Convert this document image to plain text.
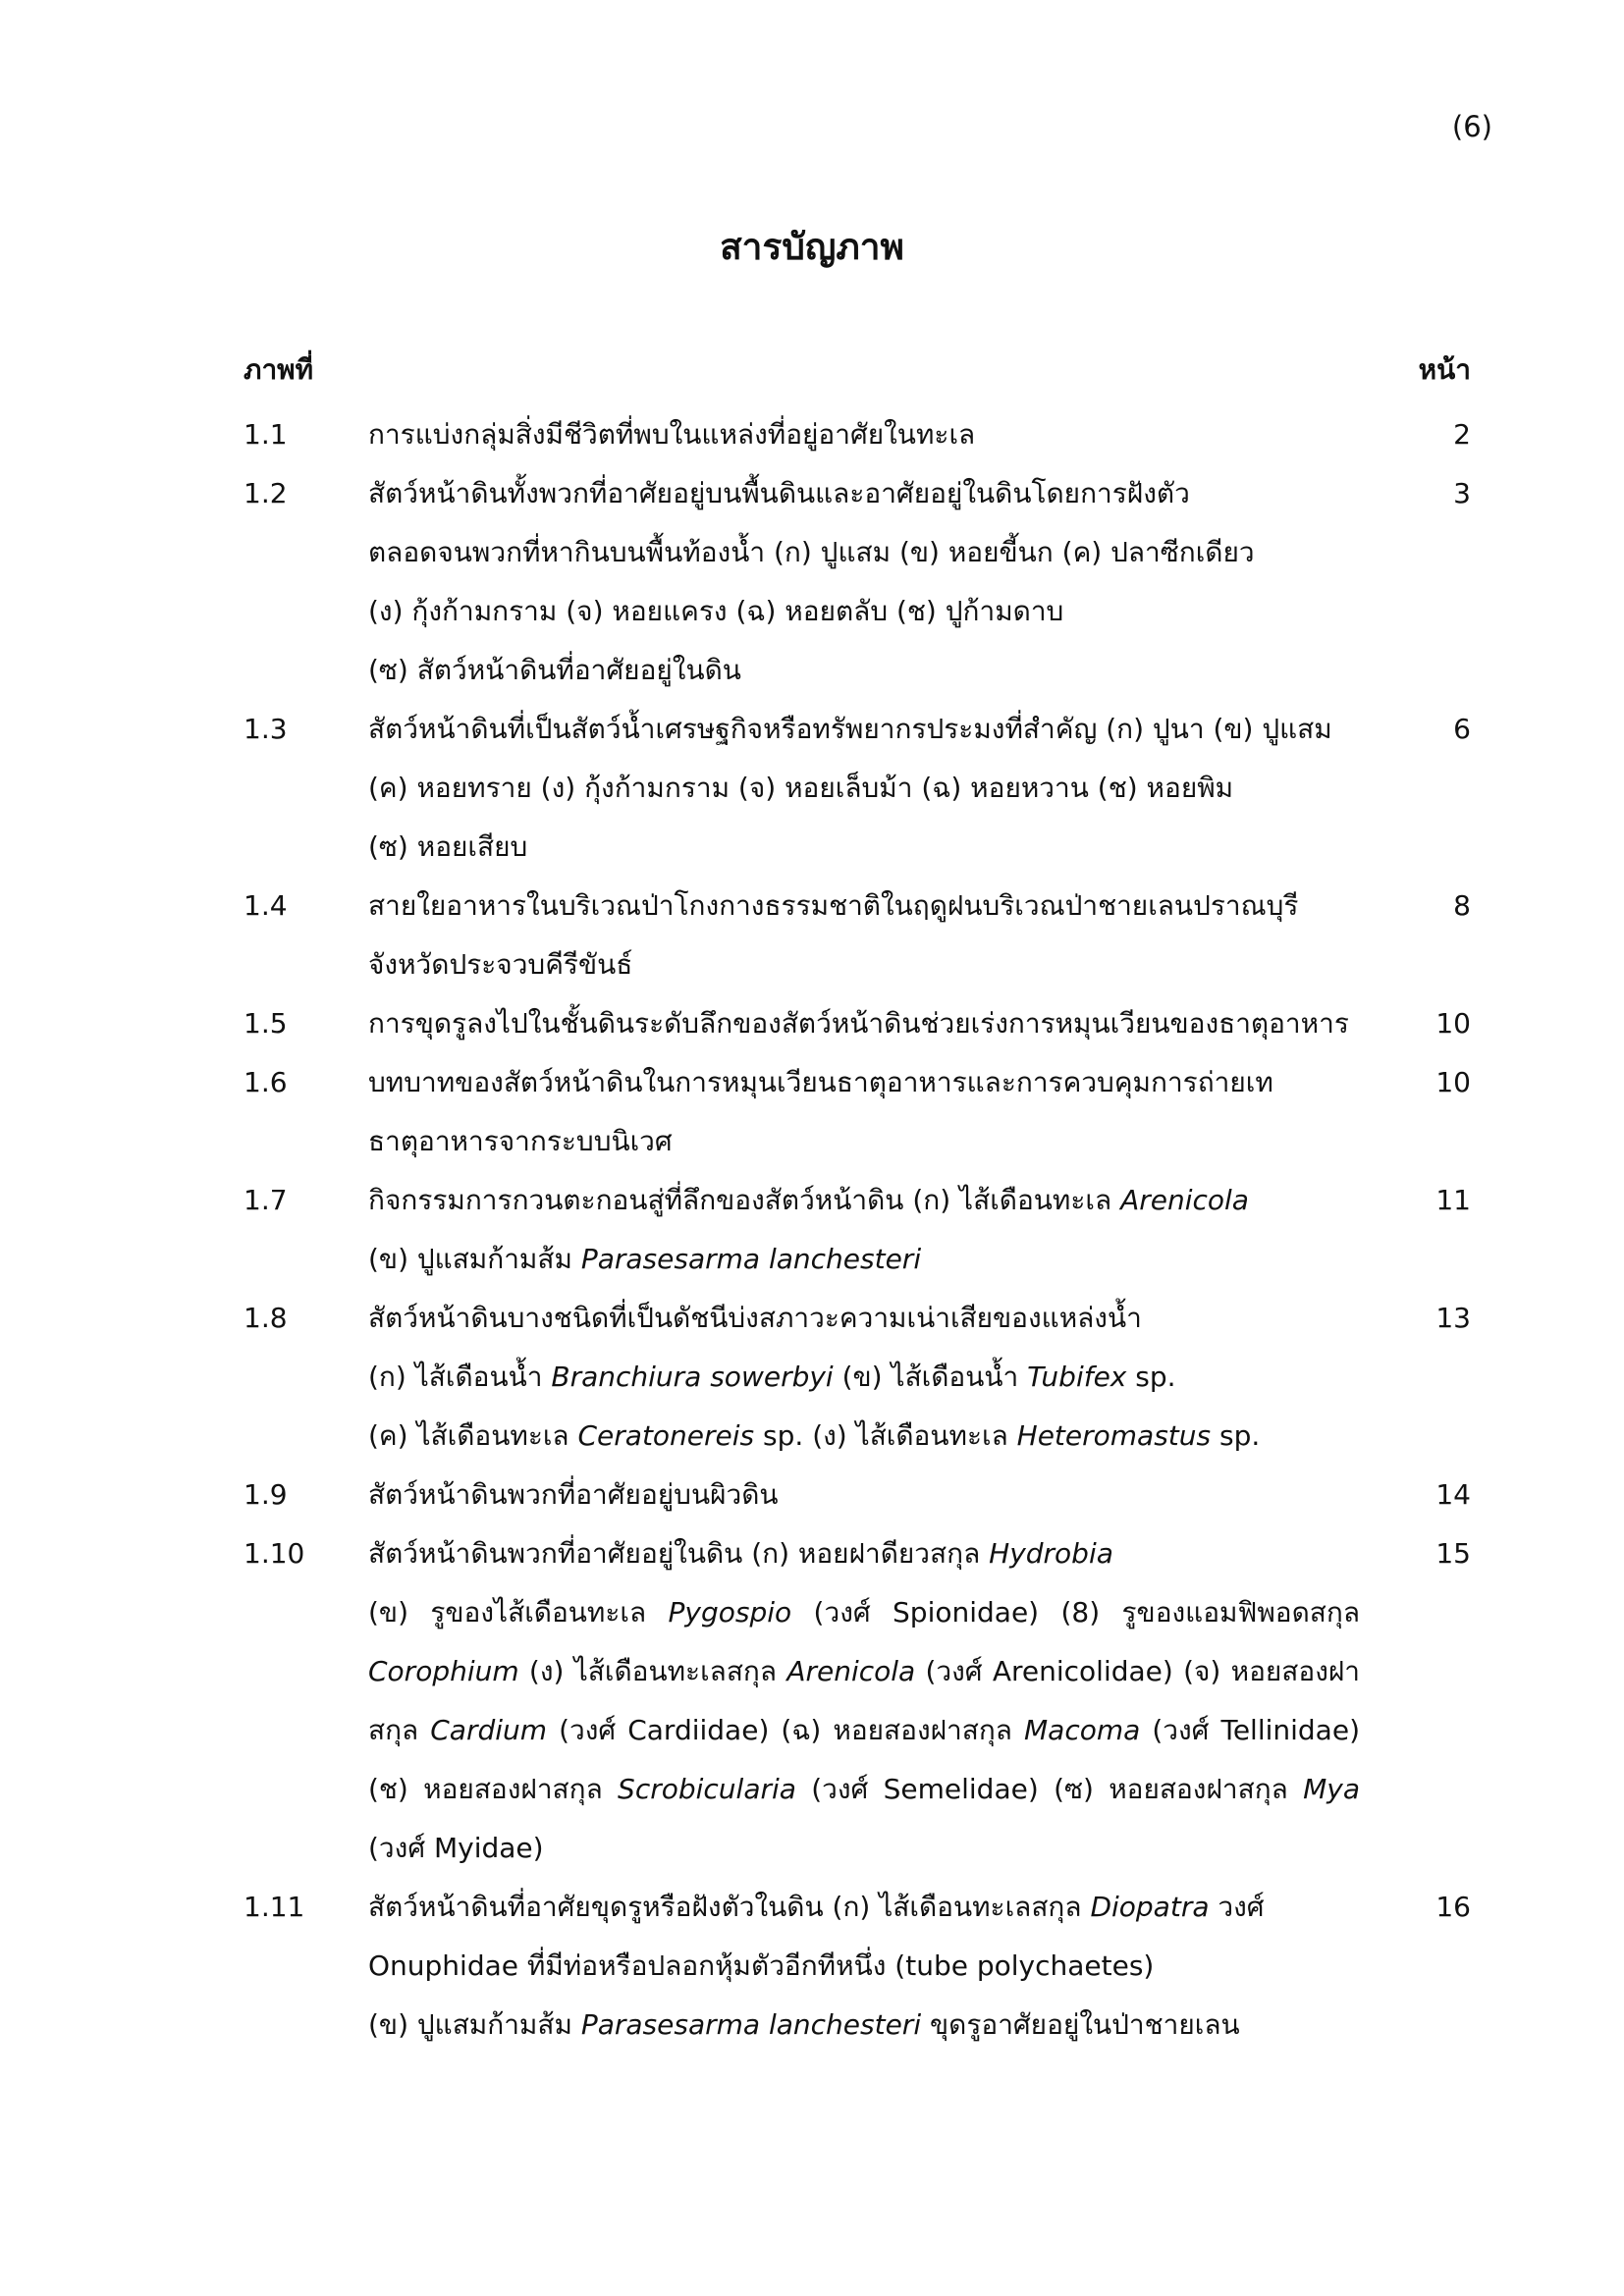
(6)
สารบัญภาพ
ภาพที่	หน้า
1.1	2
การแบ่งกลุ่มสิ่งมีชีวิตที่พบในแหล่งที่อยู่อาศัยในทะเล
1.2	3
สัตว์หน้าดินทั้งพวกที่อาศัยอยู่บนพื้นดินและอาศัยอยู่ในดินโดยการฝังตัว
ตลอดจนพวกที่หากินบนพื้นท้องน้ำ (ก) ปูแสม (ข) หอยขี้นก (ค) ปลาซีกเดียว
(ง) กุ้งก้ามกราม (จ) หอยแครง (ฉ) หอยตลับ (ช) ปูก้ามดาบ
(ซ) สัตว์หน้าดินที่อาศัยอยู่ในดิน
1.3	6
สัตว์หน้าดินที่เป็นสัตว์น้ำเศรษฐกิจหรือทรัพยากรประมงที่สำคัญ (ก) ปูนา (ข) ปูแสม
(ค) หอยทราย (ง) กุ้งก้ามกราม (จ) หอยเล็บม้า (ฉ) หอยหวาน (ช) หอยพิม
(ซ) หอยเสียบ
1.4	8
สายใยอาหารในบริเวณป่าโกงกางธรรมชาติในฤดูฝนบริเวณป่าชายเลนปราณบุรี
จังหวัดประจวบคีรีขันธ์
1.5	10
การขุดรูลงไปในชั้นดินระดับลึกของสัตว์หน้าดินช่วยเร่งการหมุนเวียนของธาตุอาหาร
1.6	10
บทบาทของสัตว์หน้าดินในการหมุนเวียนธาตุอาหารและการควบคุมการถ่ายเท
ธาตุอาหารจากระบบนิเวศ
1.7	11
กิจกรรมการกวนตะกอนสู่ที่ลึกของสัตว์หน้าดิน (ก) ไส้เดือนทะเล Arenicola
(ข) ปูแสมก้ามส้ม Parasesarma lanchesteri
1.8	13
สัตว์หน้าดินบางชนิดที่เป็นดัชนีบ่งสภาวะความเน่าเสียของแหล่งน้ำ
(ก) ไส้เดือนน้ำ Branchiura sowerbyi (ข) ไส้เดือนน้ำ Tubifex sp.
(ค) ไส้เดือนทะเล Ceratonereis sp. (ง) ไส้เดือนทะเล Heteromastus sp.
1.9	14
สัตว์หน้าดินพวกที่อาศัยอยู่บนผิวดิน
1.10	15
สัตว์หน้าดินพวกที่อาศัยอยู่ในดิน (ก) หอยฝาดียวสกุล Hydrobia
(ข) รูของไส้เดือนทะเล Pygospio (วงศ์ Spionidae) (8) รูของแอมฟิพอดสกุล
Corophium (ง) ไส้เดือนทะเลสกุล Arenicola (วงศ์ Arenicolidae) (จ) หอยสองฝา
สกุล Cardium (วงศ์ Cardiidae) (ฉ) หอยสองฝาสกุล Macoma (วงศ์ Tellinidae)
(ช) หอยสองฝาสกุล Scrobicularia (วงศ์ Semelidae) (ซ) หอยสองฝาสกุล Mya
(วงศ์ Myidae)
1.11	16
สัตว์หน้าดินที่อาศัยขุดรูหรือฝังตัวในดิน (ก) ไส้เดือนทะเลสกุล Diopatra วงศ์
Onuphidae ที่มีท่อหรือปลอกหุ้มตัวอีกทีหนึ่ง (tube polychaetes)
(ข) ปูแสมก้ามส้ม Parasesarma lanchesteri ขุดรูอาศัยอยู่ในป่าชายเลน
